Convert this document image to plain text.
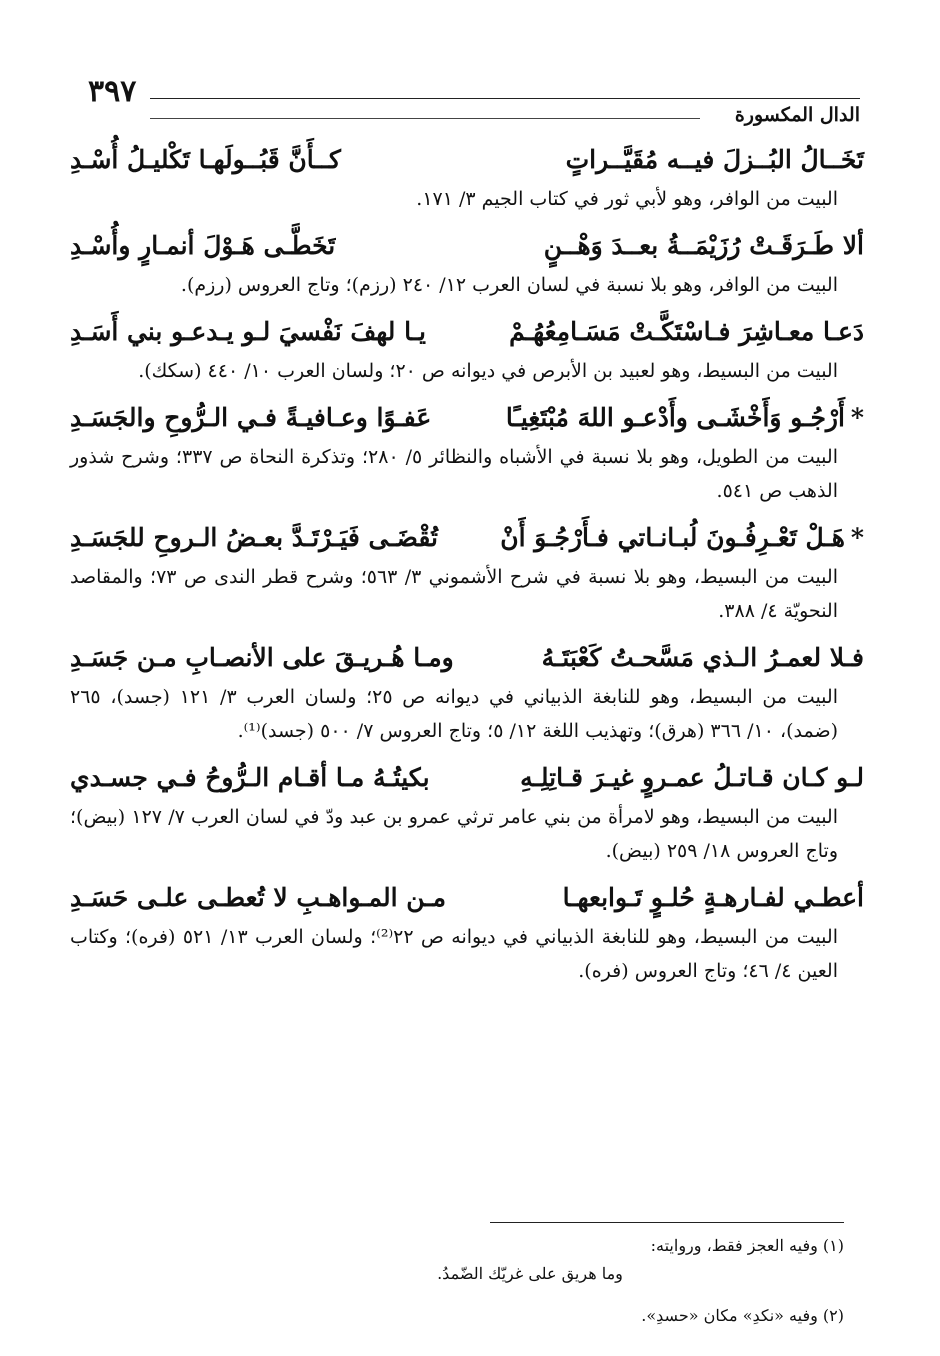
٣٩٧
الدال المكسورة
تَخَــالُ البُــزلَ فيــه مُقَيَّــراتٍ
كــأَنَّ قَبُــولَهـا تَكْليـلُ أُسْـدِ
البيت من الوافر، وهو لأبي ثور في كتاب الجيم ٣/ ١٧١.
ألا طَـرَقَـتْ رُزَيْمَــةُ بعــدَ وَهْــنٍ
تَخَطَّـى هَـوْلَ أنمـارٍ وأُسْـدِ
البيت من الوافر، وهو بلا نسبة في لسان العرب ١٢/ ٢٤٠ (رزم)؛ وتاج العروس (رزم).
دَعـا معـاشِرَ فـاسْتَكَّـتْ مَسَـامِعُهُـمْ
يـا لهفَ نَفْسيَ لـو يـدعـو بني أَسَـدِ
البيت من البسيط، وهو لعبيد بن الأبرص في ديوانه ص ٢٠؛ ولسان العرب ١٠/ ٤٤٠ (سكك).
*
أَرْجُـو وَأَخْشَـى وأَدْعـو اللهَ مُبْتَغِيـًا
عَفـوًا وعـافيـةً فـي الـرُّوحِ والجَسَـدِ
البيت من الطويل، وهو بلا نسبة في الأشباه والنظائر ٥/ ٢٨٠؛ وتذكرة النحاة ص ٣٣٧؛ وشرح شذور الذهب ص ٥٤١.
*
هَـلْ تَعْـرِفُـونَ لُبـانـاتي فـأَرْجُـوَ أَنْ
تُقْضَـى فَيَـرْتَـدَّ بعـضُ الـروحِ للجَسَـدِ
البيت من البسيط، وهو بلا نسبة في شرح الأشموني ٣/ ٥٦٣؛ وشرح قطر الندى ص ٧٣؛ والمقاصد النحويّة ٤/ ٣٨٨.
فـلا لعمـرُ الـذي مَسَّحـتُ كَعْبَتَـهُ
ومـا هُـريـقَ على الأنصـابِ مـن جَسَـدِ
البيت من البسيط، وهو للنابغة الذبياني في ديوانه ص ٢٥؛ ولسان العرب ٣/ ١٢١ (جسد)، ٢٦٥ (ضمد)، ١٠/ ٣٦٦ (هرق)؛ وتهذيب اللغة ١٢/ ٥؛ وتاج العروس ٧/ ٥٠٠ (جسد)⁽¹⁾.
لـو كـان قـاتـلُ عمـروٍ غيـرَ قـاتِلِـهِ
بكيتُـهُ مـا أقـام الـرُّوحُ فـي جسـدي
البيت من البسيط، وهو لامرأة من بني عامر ترثي عمرو بن عبد ودّ في لسان العرب ٧/ ١٢٧ (بيض)؛ وتاج العروس ١٨/ ٢٥٩ (بيض).
أعطـي لفـارهـةٍ حُلـوٍ تَـوابعهـا
مـن المـواهـبِ لا تُعطـى علـى حَسَـدِ
البيت من البسيط، وهو للنابغة الذبياني في ديوانه ص ٢٢⁽²⁾؛ ولسان العرب ١٣/ ٥٢١ (فره)؛ وكتاب العين ٤/ ٤٦؛ وتاج العروس (فره).
(١) وفيه العجز فقط، وروايته:
وما هريق على غريّك الضّمدُ.
(٢) وفيه «نكدِ» مكان «حسدِ».
